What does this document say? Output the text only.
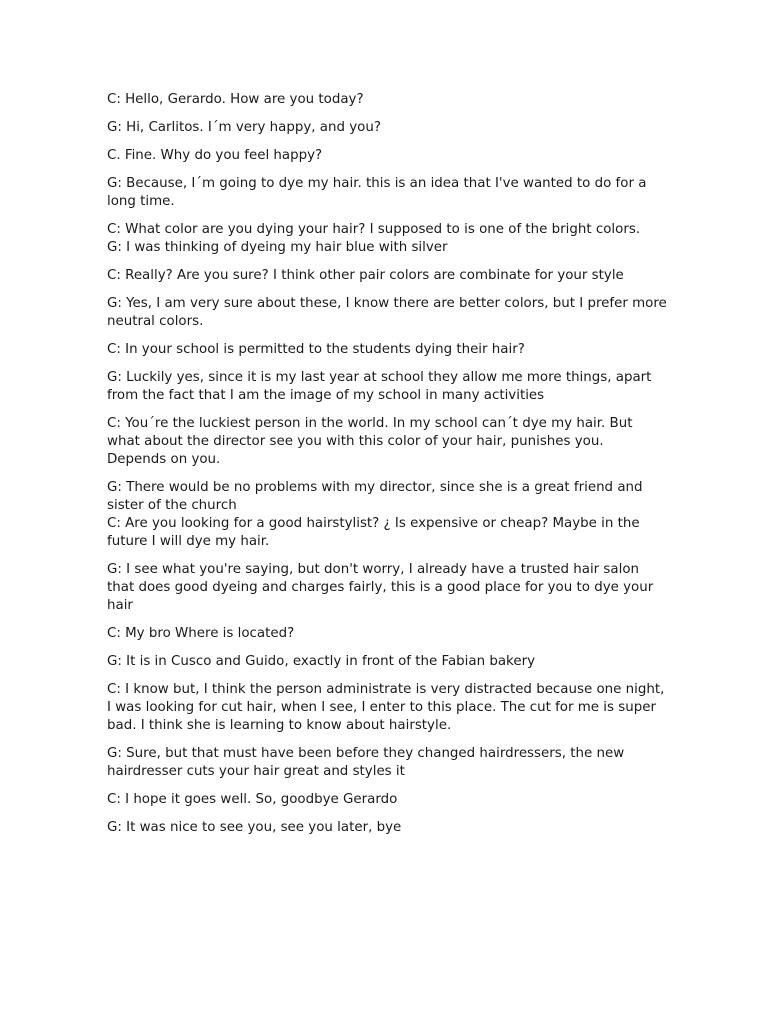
C: Hello, Gerardo. How are you today?

G: Hi, Carlitos. I´m very happy, and you?

C. Fine. Why do you feel happy?

G: Because, I´m going to dye my hair. this is an idea that I've wanted to do for a long time.

C: What color are you dying your hair? I supposed to is one of the bright colors.

G: I was thinking of dyeing my hair blue with silver

C: Really? Are you sure? I think other pair colors are combinate for your style

G: Yes, I am very sure about these, I know there are better colors, but I prefer more neutral colors.

C: In your school is permitted to the students dying their hair?

G: Luckily yes, since it is my last year at school they allow me more things, apart from the fact that I am the image of my school in many activities

C: You´re the luckiest person in the world. In my school can´t dye my hair. But what about the director see you with this color of your hair, punishes you. Depends on you.

G: There would be no problems with my director, since she is a great friend and sister of the church

C: Are you looking for a good hairstylist? ¿ Is expensive or cheap? Maybe in the future I will dye my hair.

G: I see what you're saying, but don't worry, I already have a trusted hair salon that does good dyeing and charges fairly, this is a good place for you to dye your hair

C: My bro Where is located?

G: It is in Cusco and Guido, exactly in front of the Fabian bakery

C: I know but, I think the person administrate is very distracted because one night, I was looking for cut hair, when I see, I enter to this place. The cut for me is super bad. I think she is learning to know about hairstyle.

G: Sure, but that must have been before they changed hairdressers, the new hairdresser cuts your hair great and styles it

C: I hope it goes well. So, goodbye Gerardo

G: It was nice to see you, see you later, bye
